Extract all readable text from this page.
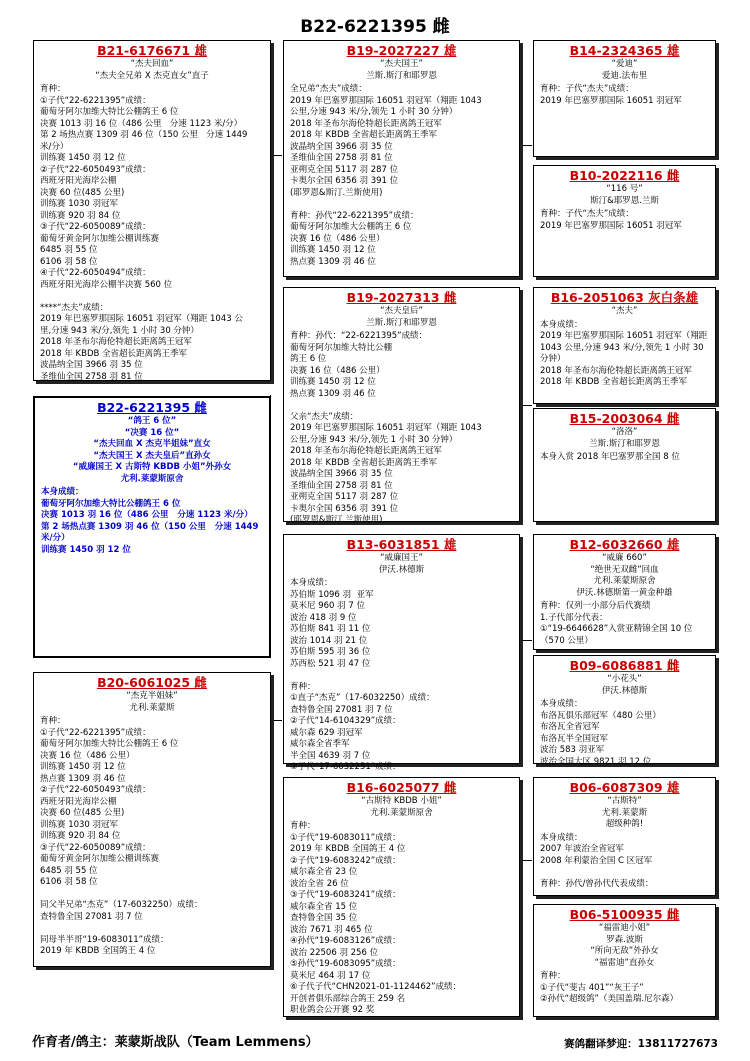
B22-6221395 雌
B21-6176671 雄
“杰夫回血”
“杰夫全兄弟 X 杰克直女”直子
育种：
①子代“22-6221395”成绩：
葡萄牙阿尔加维大特比公棚鸽王 6 位
决赛 1013 羽 16 位（486 公里   分速 1123 米/分）
第 2 场热点赛 1309 羽 46 位（150 公里   分速 1449
米/分）
训练赛 1450 羽 12 位
②子代“22-6050493”成绩：
西班牙阳光海岸公棚
决赛 60 位(485 公里)
训练赛 1030 羽冠军
训练赛 920 羽 84 位
③子代“22-6050089”成绩：
葡萄牙黄金阿尔加维公棚训练赛
6485 羽 55 位
6106 羽 58 位
④子代“22-6050494”成绩：
西班牙阳光海岸公棚半决赛 560 位

****“杰夫”成绩：
2019 年巴塞罗那国际 16051 羽冠军（翔距 1043 公
里,分速 943 米/分,领先 1 小时 30 分钟）
2018 年圣布尔海伦特超长距离鸽王冠军
2018 年 KBDB 全省超长距离鸽王季军
波晶纳全国 3966 羽 35 位
圣维仙全国 2758 羽 81 位
B22-6221395 雌
“鸽王 6 位”
“决赛 16 位”
“杰夫回血 X 杰克半姐妹”直女
“杰夫国王 X 杰夫皇后”直孙女
“威廉国王 X 古斯特 KBDB 小姐”外孙女
尤利.莱蒙斯原舍
本身成绩：
葡萄牙阿尔加维大特比公棚鸽王 6 位
决赛 1013 羽 16 位（486 公里   分速 1123 米/分）
第 2 场热点赛 1309 羽 46 位（150 公里   分速 1449
米/分）
训练赛 1450 羽 12 位
B20-6061025 雌
“杰克半姐妹”
尤利.莱蒙斯
育种：
①子代“22-6221395”成绩：
葡萄牙阿尔加维大特比公棚鸽王 6 位
决赛 16 位（486 公里）
训练赛 1450 羽 12 位
热点赛 1309 羽 46 位
②子代“22-6050493”成绩：
西班牙阳光海岸公棚
决赛 60 位(485 公里)
训练赛 1030 羽冠军
训练赛 920 羽 84 位
③子代“22-6050089”成绩：
葡萄牙黄金阿尔加维公棚训练赛
6485 羽 55 位
6106 羽 58 位

同父半兄弟“杰克”（17-6032250）成绩：
查特鲁全国 27081 羽 7 位

同母半半哥“19-6083011”成绩：
2019 年 KBDB 全国鸽王 4 位
B19-2027227 雄
“杰夫国王”
兰斯.斯汀和耶罗恩
全兄弟“杰夫”成绩：
2019 年巴塞罗那国际 16051 羽冠军（翔距 1043
公里,分速 943 米/分,领先 1 小时 30 分钟）
2018 年圣布尔海伦特超长距离鸽王冠军
2018 年 KBDB 全省超长距离鸽王季军
波晶纳全国 3966 羽 35 位
圣维仙全国 2758 羽 81 位
亚朔克全国 5117 羽 287 位
卡奥尔全国 6356 羽 391 位
(耶罗恩&斯汀.兰斯使用)

育种：孙代“22-6221395”成绩：
葡萄牙阿尔加维大公棚鸽王 6 位
决赛 16 位（486 公里）
训练赛 1450 羽 12 位
热点赛 1309 羽 46 位
B19-2027313 雌
“杰夫皇后”
兰斯.斯汀和耶罗恩
育种：孙代：“22-6221395”成绩：
葡萄牙阿尔加维大特比公棚
鸽王 6 位
决赛 16 位（486 公里）
训练赛 1450 羽 12 位
热点赛 1309 羽 46 位

父亲“杰夫”成绩：
2019 年巴塞罗那国际 16051 羽冠军（翔距 1043
公里,分速 943 米/分,领先 1 小时 30 分钟）
2018 年圣布尔海伦特超长距离鸽王冠军
2018 年 KBDB 全省超长距离鸽王季军
波晶纳全国 3966 羽 35 位
圣维仙全国 2758 羽 81 位
亚朔克全国 5117 羽 287 位
卡奥尔全国 6356 羽 391 位
(耶罗恩&斯汀.兰斯使用)
B13-6031851 雄
“威廉国王”
伊沃.林德斯
本身成绩：
苏伯斯 1096 羽  亚军
莫米尼 960 羽 7 位
波治 418 羽 9 位
苏伯斯 841 羽 11 位
波治 1014 羽 21 位
苏伯斯 595 羽 36 位
苏西松 521 羽 47 位

育种：
①直子“杰克”（17-6032250）成绩：
查特鲁全国 27081 羽 7 位
②子代“14-6104329”成绩：
威尔森 629 羽冠军
威尔森全省季军
半全国 4639 羽 7 位
③子代“17-6032251”成绩：
B16-6025077 雌
“古斯特 KBDB 小姐”
尤利.莱蒙斯原舍
育种：
①子代“19-6083011”成绩：
2019 年 KBDB 全国鸽王 4 位
②子代“19-6083242”成绩：
威尔森全省 23 位
波治全省 26 位
③子代“19-6083241”成绩：
威尔森全省 15 位
查特鲁全国 35 位
波治 7671 羽 465 位
④孙代“19-6083126”成绩：
波治 22506 羽 256 位
⑤孙代“19-6083095”成绩：
莫米尼 464 羽 17 位
⑥子代子代“CHN2021-01-1124462”成绩：
开创者俱乐部综合鸽王 259 名
职业鸽会公开赛 92 奖
B14-2324365 雄
“爱迪”
爱迪.法布里
育种：子代“杰夫”成绩：
2019 年巴塞罗那国际 16051 羽冠军
B10-2022116 雌
“116 号”
斯汀&耶罗恩.兰斯
育种：子代“杰夫”成绩：
2019 年巴塞罗那国际 16051 羽冠军
B16-2051063 灰白条雄
“杰夫”
本身成绩：
2019 年巴塞罗那国际 16051 羽冠军（翔距
1043 公里,分速 943 米/分,领先 1 小时 30
分钟）
2018 年圣布尔海伦特超长距离鸽王冠军
2018 年 KBDB 全省超长距离鸽王季军
B15-2003064 雌
“洛洛”
兰斯.斯汀和耶罗恩
本身入赏 2018 年巴塞罗那全国 8 位
B12-6032660 雄
“威廉 660”
“绝世无双雌”回血
尤利.莱蒙斯原舍
伊沃.林德斯第一黄金种雄
育种：仅列一小部分后代赛绩
1.子代部分代表：
①“19-6646628”入赏亚精锦全国 10 位
（570 公里）
B09-6086881 雌
“小花头”
伊沃.林德斯
本身成绩：
布洛瓦俱乐部冠军（480 公里）
布洛瓦全省冠军
布洛瓦半全国冠军
波治 583 羽亚军
波治全国大区 9821 羽 12 位
B06-6087309 雄
“古斯特”
尤利.莱蒙斯
超级种鸽!
本身成绩：
2007 年波治全省冠军
2008 年利蒙治全国 C 区冠军

育种：孙代/曾孙代代表成绩：
B06-5100935 雌
“福雷迪小姐”
罗森.波斯
“所向无敌”外孙女
“福雷迪”直孙女
育种：
①子代“斐古 401”“灰王子”
②孙代“超级鸽”（美国盖瑞.尼尔森）
作育者/鸽主：莱蒙斯战队（Team Lemmens）	赛鸽翻译梦迎：13811727673
